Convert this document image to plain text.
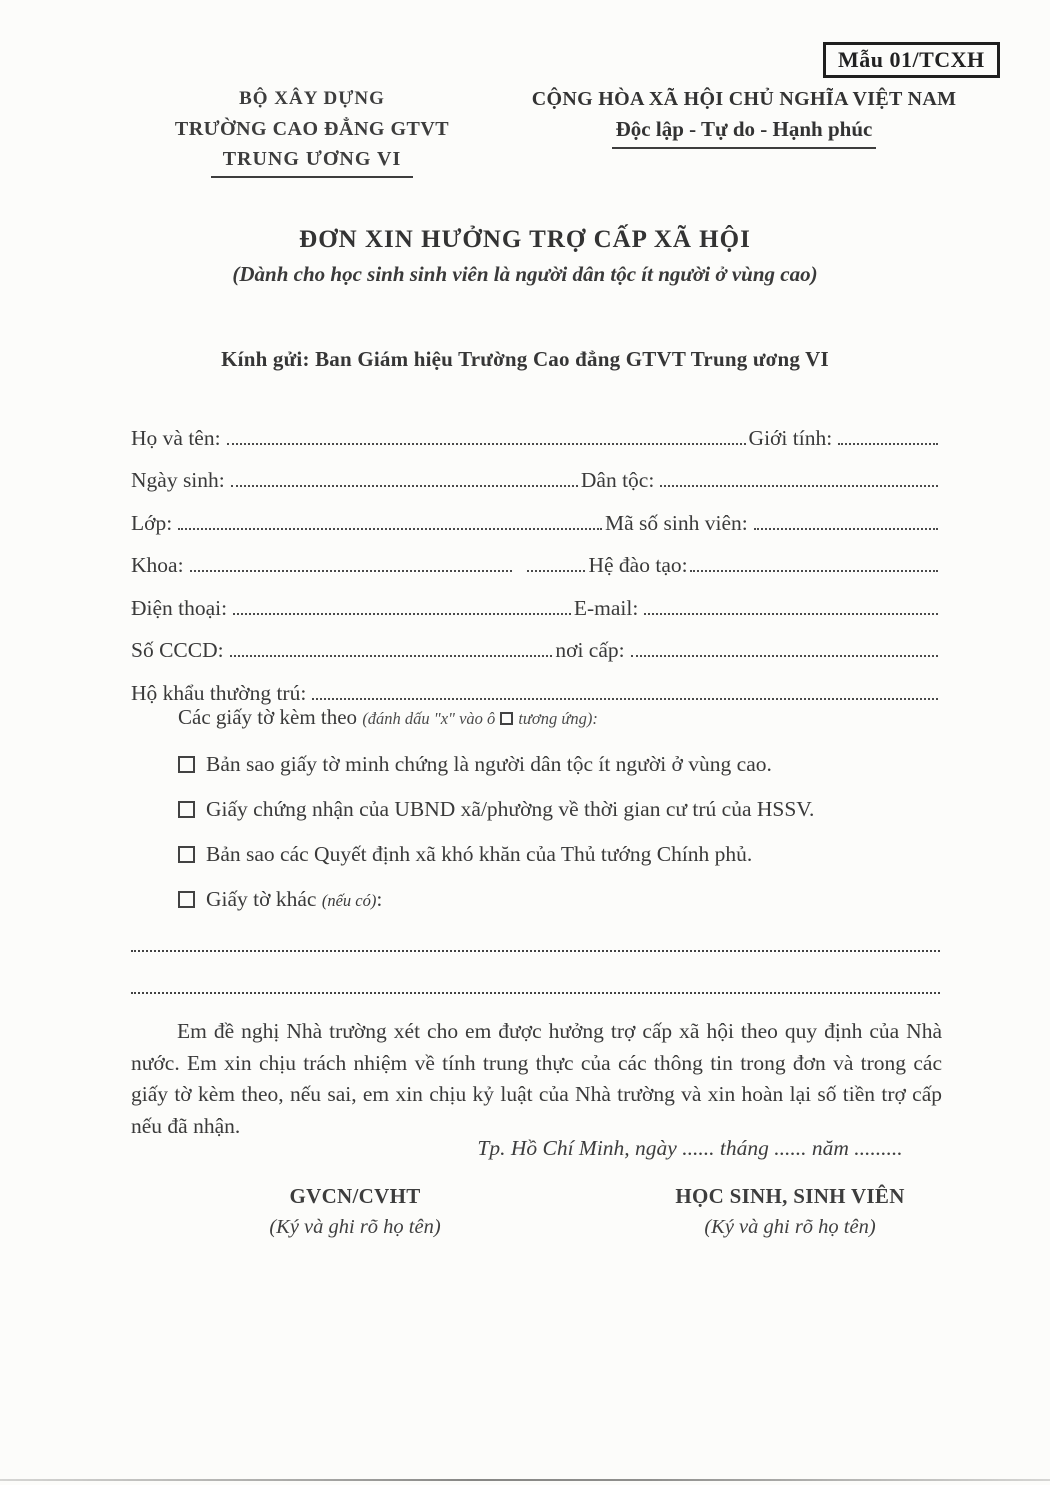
Mẫu 01/TCXH
BỘ XÂY DỰNG
TRƯỜNG CAO ĐẲNG GTVT
TRUNG ƯƠNG VI
CỘNG HÒA XÃ HỘI CHỦ NGHĨA VIỆT NAM
Độc lập - Tự do - Hạnh phúc
ĐƠN XIN HƯỞNG TRỢ CẤP XÃ HỘI
(Dành cho học sinh sinh viên là người dân tộc ít người ở vùng cao)
Kính gửi: Ban Giám hiệu Trường Cao đẳng GTVT Trung ương VI
Họ và tên:	Giới tính:
Ngày sinh:	Dân tộc:
Lớp:	Mã số sinh viên:
Khoa:	Hệ đào tạo:
Điện thoại:	E-mail:
Số CCCD:	nơi cấp:
Hộ khẩu thường trú:
Các giấy tờ kèm theo (đánh dấu "x" vào ô tương ứng):
Bản sao giấy tờ minh chứng là người dân tộc ít người ở vùng cao.
Giấy chứng nhận của UBND xã/phường về thời gian cư trú của HSSV.
Bản sao các Quyết định xã khó khăn của Thủ tướng Chính phủ.
Giấy tờ khác (nếu có):
Em đề nghị Nhà trường xét cho em được hưởng trợ cấp xã hội theo quy định của Nhà nước. Em xin chịu trách nhiệm về tính trung thực của các thông tin trong đơn và trong các giấy tờ kèm theo, nếu sai, em xin chịu kỷ luật của Nhà trường và xin hoàn lại số tiền trợ cấp nếu đã nhận.
Tp. Hồ Chí Minh, ngày ...... tháng ...... năm .........
GVCN/CVHT
(Ký và ghi rõ họ tên)
HỌC SINH, SINH VIÊN
(Ký và ghi rõ họ tên)
